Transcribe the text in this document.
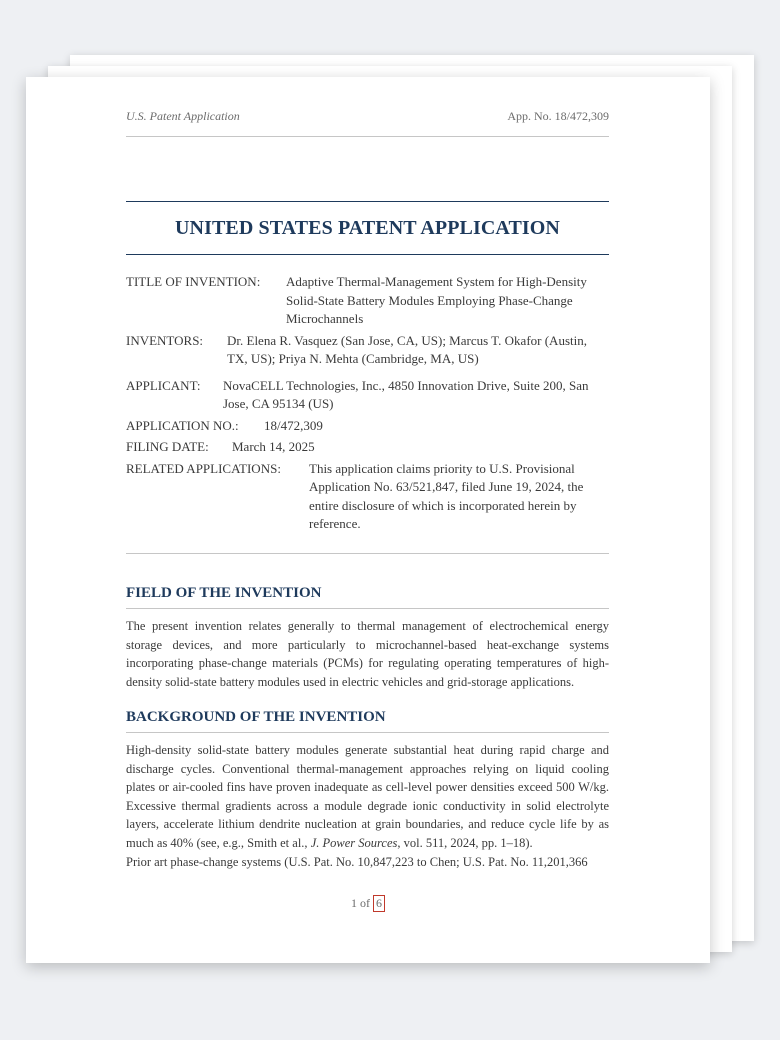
U.S. Patent Application	App. No. 18/472,309
UNITED STATES PATENT APPLICATION
TITLE OF INVENTION:	Adaptive Thermal-Management System for High-Density Solid-State Battery Modules Employing Phase-Change Microchannels
INVENTORS:	Dr. Elena R. Vasquez (San Jose, CA, US); Marcus T. Okafor (Austin, TX, US); Priya N. Mehta (Cambridge, MA, US)
APPLICANT:	NovaCELL Technologies, Inc., 4850 Innovation Drive, Suite 200, San Jose, CA 95134 (US)
APPLICATION NO.:	18/472,309
FILING DATE:	March 14, 2025
RELATED APPLICATIONS:	This application claims priority to U.S. Provisional Application No. 63/521,847, filed June 19, 2024, the entire disclosure of which is incorporated herein by reference.
FIELD OF THE INVENTION

The present invention relates generally to thermal management of electrochemical energy storage devices, and more particularly to microchannel-based heat-exchange systems incorporating phase-change materials (PCMs) for regulating operating temperatures of high-density solid-state battery modules used in electric vehicles and grid-storage applications.

BACKGROUND OF THE INVENTION

High-density solid-state battery modules generate substantial heat during rapid charge and discharge cycles. Conventional thermal-management approaches relying on liquid cooling plates or air-cooled fins have proven inadequate as cell-level power densities exceed 500 W/kg. Excessive thermal gradients across a module degrade ionic conductivity in solid electrolyte layers, accelerate lithium dendrite nucleation at grain boundaries, and reduce cycle life by as much as 40% (see, e.g., Smith et al., J. Power Sources, vol. 511, 2024, pp. 1–18).

Prior art phase-change systems (U.S. Pat. No. 10,847,223 to Chen; U.S. Pat. No. 11,201,366

1 of 6
